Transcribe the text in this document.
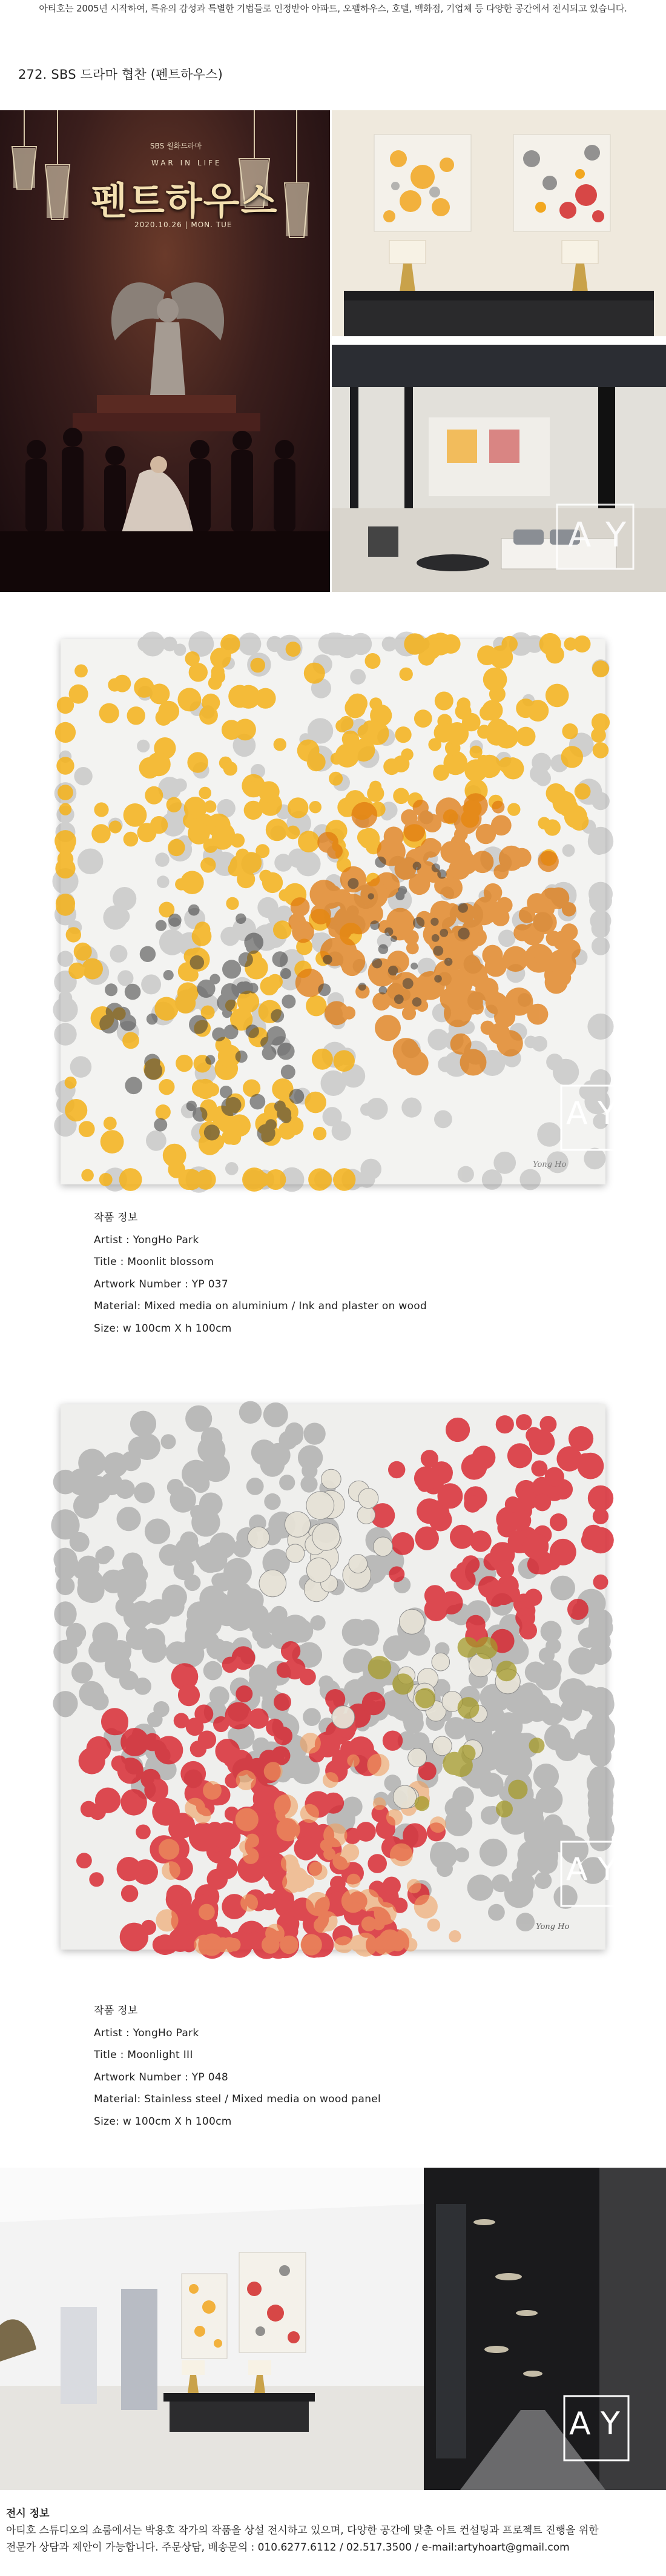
아티호는 2005년 시작하여, 특유의 감성과 특별한 기법들로 인정받아 아파트, 오펠하우스, 호텔, 백화점, 기업체 등 다양한 공간에서 전시되고 있습니다.
272. SBS 드라마 협찬 (펜트하우스)
SBS 월화드라마
WAR IN LIFE
펜트하우스
2020.10.26 | MON. TUE
A Y
A Y
Yong Ho
작품 정보
Artist : YongHo Park
Title : Moonlit blossom
Artwork Number : YP 037
Material: Mixed media on aluminium / Ink and plaster on wood
Size: w 100cm X h 100cm
A Y
Yong Ho
작품 정보
Artist : YongHo Park
Title : Moonlight III
Artwork Number : YP 048
Material: Stainless steel / Mixed media on wood panel
Size: w 100cm X h 100cm
A Y
전시 정보
아티호 스튜디오의 쇼룸에서는 박용호 작가의 작품을 상설 전시하고 있으며, 다양한 공간에 맞춘 아트 컨설팅과 프로젝트 진행을 위한
전문가 상담과 제안이 가능합니다. 주문상담, 배송문의 : 010.6277.6112 / 02.517.3500 / e-mail:artyhoart@gmail.com
